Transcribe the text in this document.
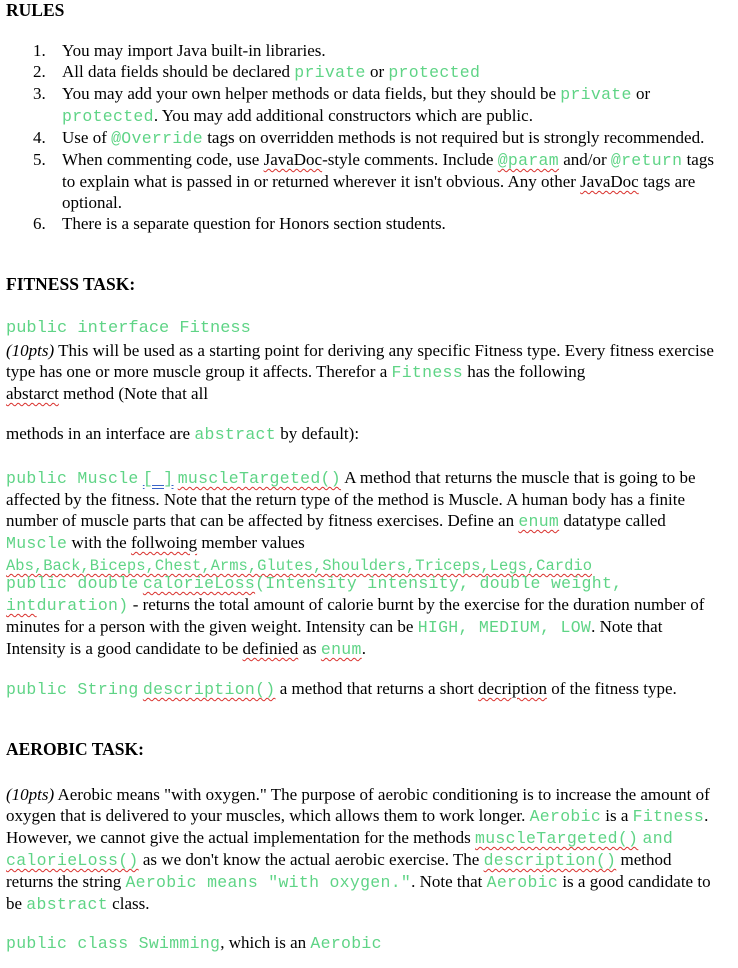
RULES
1. You may import Java built-in libraries.
2. All data fields should be declared private or protected
3. You may add your own helper methods or data fields, but they should be private or protected. You may add additional constructors which are public.
4. Use of @Override tags on overridden methods is not required but is strongly recommended.
5. When commenting code, use JavaDoc-style comments. Include @param and/or @return tags to explain what is passed in or returned wherever it isn't obvious. Any other JavaDoc tags are optional.
6. There is a separate question for Honors section students.
FITNESS TASK:
public interface Fitness
(10pts) This will be used as a starting point for deriving any specific Fitness type. Every fitness exercise type has one or more muscle group it affects. Therefor a Fitness has the following
abstarct method (Note that all
methods in an interface are abstract by default):
public Muscle [ ] muscleTargeted() A method that returns the muscle that is going to be affected by the fitness. Note that the return type of the method is Muscle. A human body has a finite number of muscle parts that can be affected by fitness exercises. Define an enum datatype called Muscle with the follwoing member values
Abs,Back,Biceps,Chest,Arms,Glutes,Shoulders,Triceps,Legs,Cardio
public double calorieLoss(Intensity intensity, double weight,
intduration) - returns the total amount of calorie burnt by the exercise for the duration number of minutes for a person with the given weight. Intensity can be HIGH, MEDIUM, LOW. Note that Intensity is a good candidate to be definied as enum.
public String description() a method that returns a short decription of the fitness type.
AEROBIC TASK:
(10pts) Aerobic means "with oxygen." The purpose of aerobic conditioning is to increase the amount of oxygen that is delivered to your muscles, which allows them to work longer. Aerobic is a Fitness. However, we cannot give the actual implementation for the methods muscleTargeted() and calorieLoss() as we don't know the actual aerobic exercise. The description() method returns the string Aerobic means "with oxygen.". Note that Aerobic is a good candidate to be abstract class.
public class Swimming, which is an Aerobic
